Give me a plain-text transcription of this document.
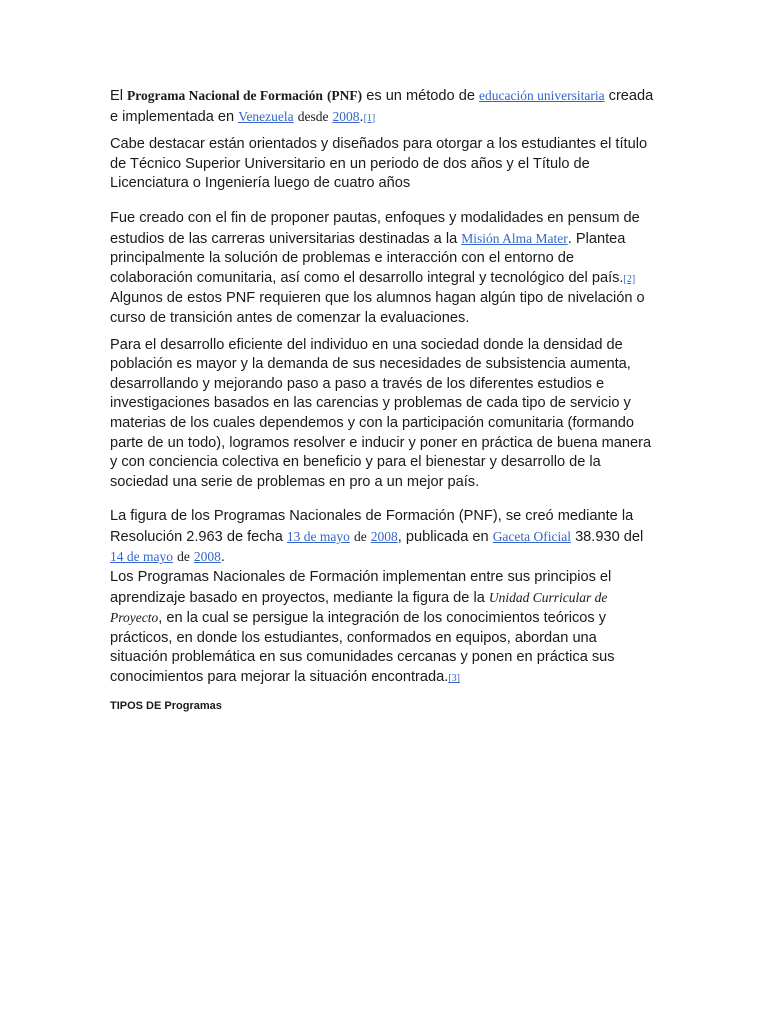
El Programa Nacional de Formación (PNF) es un método de educación universitaria creada e implementada en Venezuela desde 2008.[1]

Cabe destacar están orientados y diseñados para otorgar a los estudiantes el título de Técnico Superior Universitario en un periodo de dos años y el Título de Licenciatura o Ingeniería luego de cuatro años

Fue creado con el fin de proponer pautas, enfoques y modalidades en pensum de estudios de las carreras universitarias destinadas a la Misión Alma Mater. Plantea principalmente la solución de problemas e interacción con el entorno de colaboración comunitaria, así como el desarrollo integral y tecnológico del país.[2] Algunos de estos PNF requieren que los alumnos hagan algún tipo de nivelación o curso de transición antes de comenzar la evaluaciones.

Para el desarrollo eficiente del individuo en una sociedad donde la densidad de población es mayor y la demanda de sus necesidades de subsistencia aumenta, desarrollando y mejorando paso a paso a través de los diferentes estudios e investigaciones basados en las carencias y problemas de cada tipo de servicio y materias de los cuales dependemos y con la participación comunitaria (formando parte de un todo), logramos resolver e inducir y poner en práctica de buena manera y con conciencia colectiva en beneficio y para el bienestar y desarrollo de la sociedad una serie de problemas en pro a un mejor país.

La figura de los Programas Nacionales de Formación (PNF), se creó mediante la Resolución 2.963 de fecha 13 de mayo de 2008, publicada en Gaceta Oficial 38.930 del 14 de mayo de 2008.

Los Programas Nacionales de Formación implementan entre sus principios el aprendizaje basado en proyectos, mediante la figura de la Unidad Curricular de Proyecto, en la cual se persigue la integración de los conocimientos teóricos y prácticos, en donde los estudiantes, conformados en equipos, abordan una situación problemática en sus comunidades cercanas y ponen en práctica sus conocimientos para mejorar la situación encontrada.[3]

TIPOS DE Programas
